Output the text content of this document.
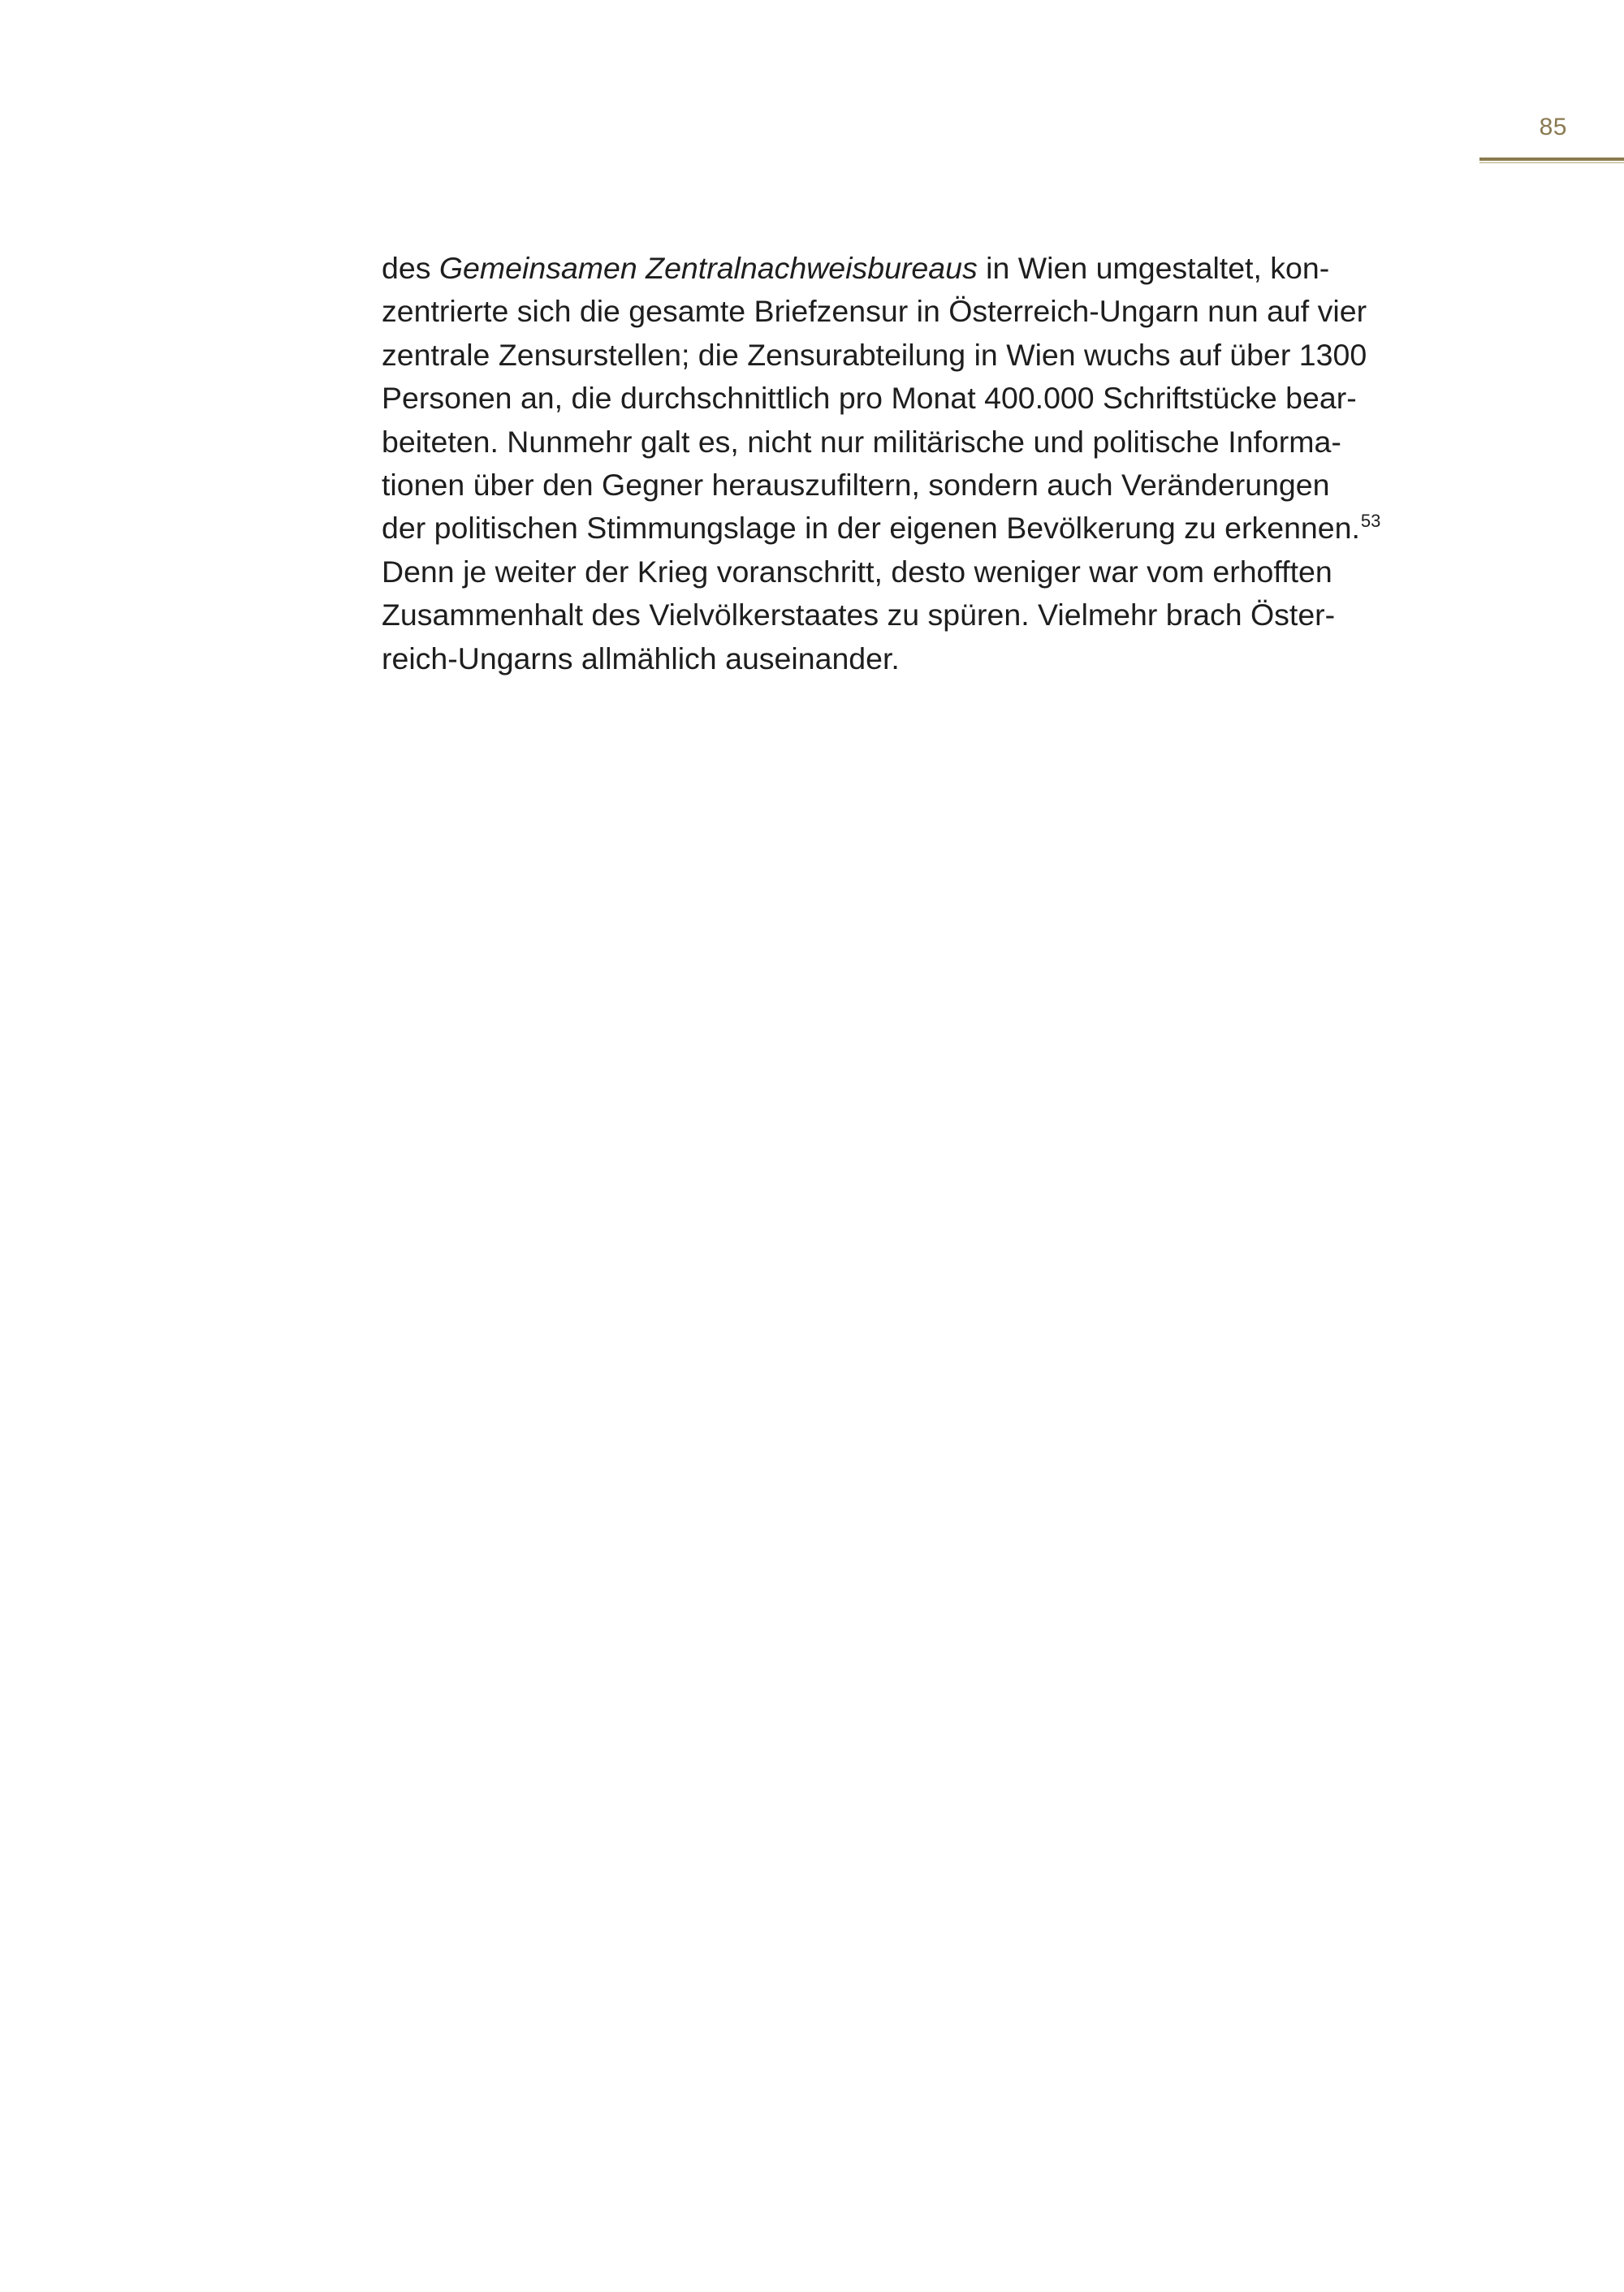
85

des Gemeinsamen Zentralnachweisbureaus in Wien umgestaltet, kon-
zentrierte sich die gesamte Briefzensur in Österreich-Ungarn nun auf vier
zentrale Zensurstellen; die Zensurabteilung in Wien wuchs auf über 1300
Personen an, die durchschnittlich pro Monat 400.000 Schriftstücke bear-
beiteten. Nunmehr galt es, nicht nur militärische und politische Informa-
tionen über den Gegner herauszufiltern, sondern auch Veränderungen
der politischen Stimmungslage in der eigenen Bevölkerung zu erkennen.$^{53}$
Denn je weiter der Krieg voranschritt, desto weniger war vom erhofften
Zusammenhalt des Vielvölkerstaates zu spüren. Vielmehr brach Öster-
reich-Ungarns allmählich auseinander.
